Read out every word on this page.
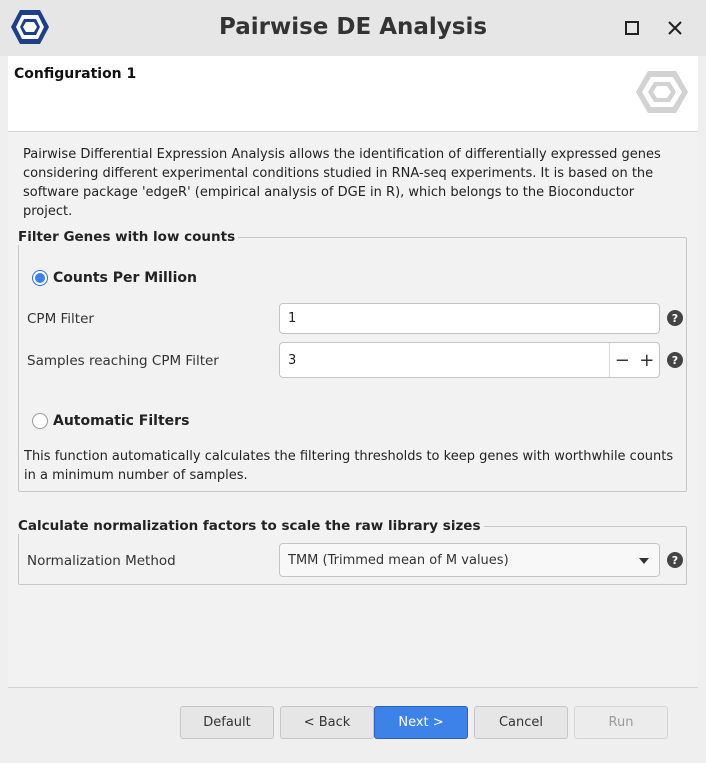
Pairwise DE Analysis
Configuration 1
Pairwise Differential Expression Analysis allows the identification of differentially expressed genes considering different experimental conditions studied in RNA-seq experiments. It is based on the software package 'edgeR' (empirical analysis of DGE in R), which belongs to the Bioconductor project.
Filter Genes with low counts
Counts Per Million
CPM Filter	1	?
Samples reaching CPM Filter	3	− +	?
Automatic Filters
This function automatically calculates the filtering thresholds to keep genes with worthwhile counts in a minimum number of samples.
Calculate normalization factors to scale the raw library sizes
Normalization Method	TMM (Trimmed mean of M values)	?
Default	< Back	Next >	Cancel	Run
